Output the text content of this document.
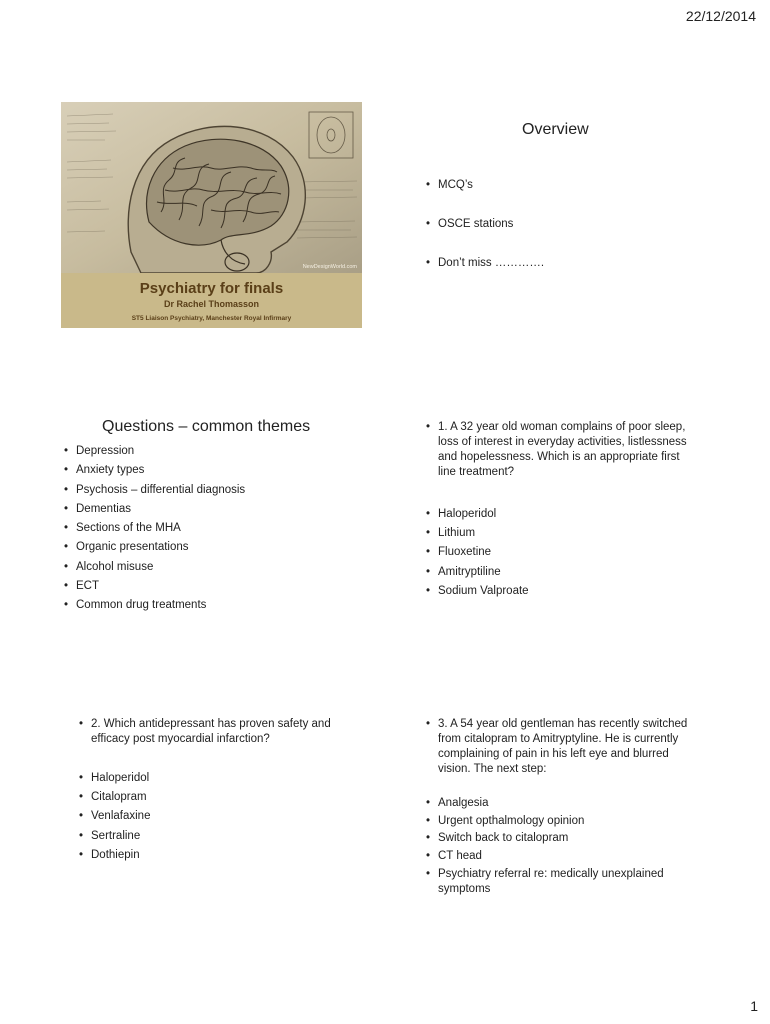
22/12/2014
NewDesignWorld.com
Psychiatry for finals
Dr Rachel Thomasson
ST5 Liaison Psychiatry, Manchester Royal Infirmary
Overview
• MCQ’s
• OSCE stations
• Don’t miss ………….
Questions – common themes
• Depression
• Anxiety types
• Psychosis – differential diagnosis
• Dementias
• Sections of the MHA
• Organic presentations
• Alcohol misuse
• ECT
• Common drug treatments
• 1. A 32 year old woman complains of poor sleep, loss of interest in everyday activities, listlessness and hopelessness. Which is an appropriate first line treatment?
• Haloperidol
• Lithium
• Fluoxetine
• Amitryptiline
• Sodium Valproate
• 2. Which antidepressant has proven safety and efficacy post myocardial infarction?
• Haloperidol
• Citalopram
• Venlafaxine
• Sertraline
• Dothiepin
• 3. A 54 year old gentleman has recently switched from citalopram to Amitryptyline. He is currently complaining of pain in his left eye and blurred vision. The next step:
• Analgesia
• Urgent opthalmology opinion
• Switch back to citalopram
• CT head
• Psychiatry referral re: medically unexplained symptoms
1
